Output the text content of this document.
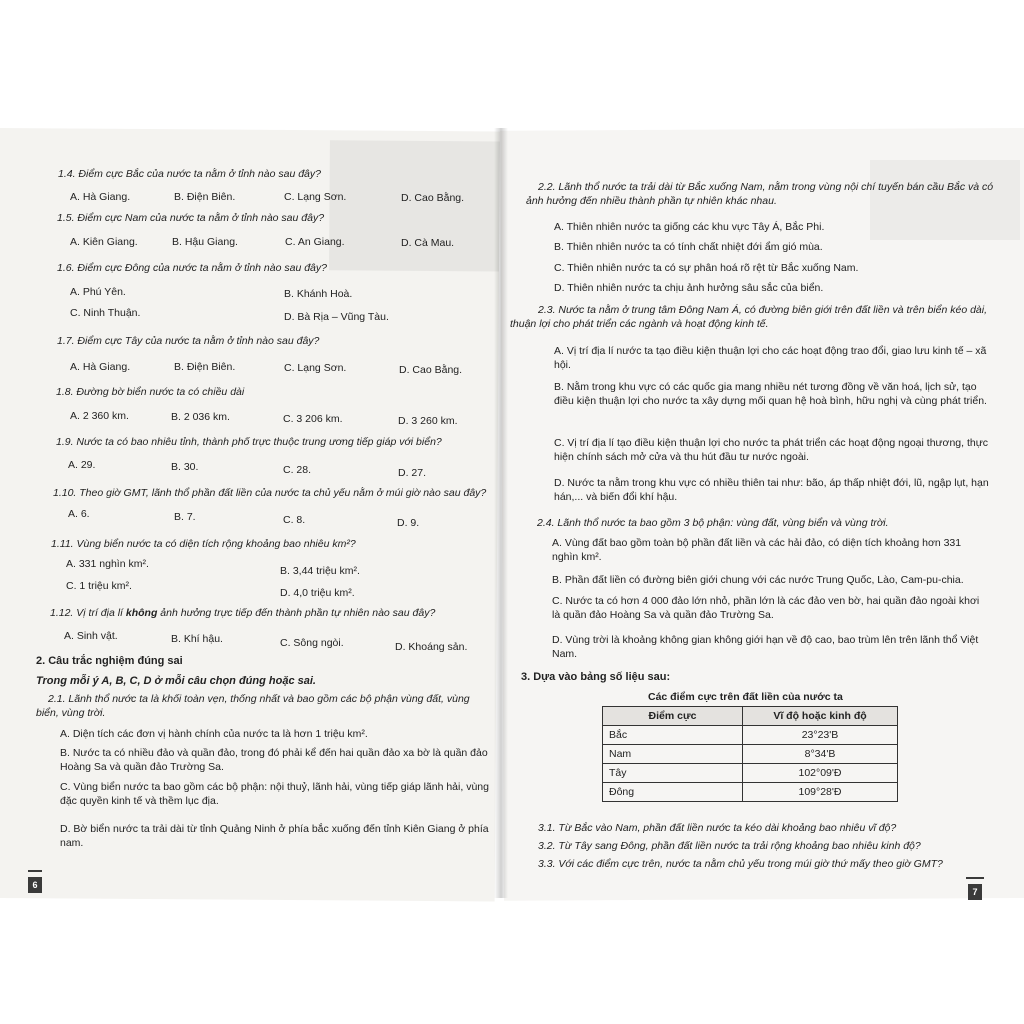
1.4. Điểm cực Bắc của nước ta nằm ở tỉnh nào sau đây?
A. Hà Giang.	B. Điện Biên.	C. Lạng Sơn.	D. Cao Bằng.
1.5. Điểm cực Nam của nước ta nằm ở tỉnh nào sau đây?
A. Kiên Giang.	B. Hậu Giang.	C. An Giang.	D. Cà Mau.
1.6. Điểm cực Đông của nước ta nằm ở tỉnh nào sau đây?
A. Phú Yên.	B. Khánh Hoà.
C. Ninh Thuận.	D. Bà Rịa – Vũng Tàu.
1.7. Điểm cực Tây của nước ta nằm ở tỉnh nào sau đây?
A. Hà Giang.	B. Điện Biên.	C. Lạng Sơn.	D. Cao Bằng.
1.8. Đường bờ biển nước ta có chiều dài
A. 2 360 km.	B. 2 036 km.	C. 3 206 km.	D. 3 260 km.
1.9. Nước ta có bao nhiêu tỉnh, thành phố trực thuộc trung ương tiếp giáp với biển?
A. 29.	B. 30.	C. 28.	D. 27.
1.10. Theo giờ GMT, lãnh thổ phần đất liền của nước ta chủ yếu nằm ở múi giờ nào sau đây?
A. 6.	B. 7.	C. 8.	D. 9.
1.11. Vùng biển nước ta có diện tích rộng khoảng bao nhiêu km²?
A. 331 nghìn km².
B. 3,44 triệu km².
C. 1 triệu km².
D. 4,0 triệu km².
1.12. Vị trí địa lí không ảnh hưởng trực tiếp đến thành phần tự nhiên nào sau đây?
A. Sinh vật.	B. Khí hậu.	C. Sông ngòi.	D. Khoáng sản.
2. Câu trắc nghiệm đúng sai
Trong mỗi ý A, B, C, D ở mỗi câu chọn đúng hoặc sai.
2.1. Lãnh thổ nước ta là khối toàn vẹn, thống nhất và bao gồm các bộ phận vùng đất, vùng biển, vùng trời.
A. Diện tích các đơn vị hành chính của nước ta là hơn 1 triệu km².
B. Nước ta có nhiều đảo và quần đảo, trong đó phải kể đến hai quần đảo xa bờ là quần đảo Hoàng Sa và quần đảo Trường Sa.
C. Vùng biển nước ta bao gồm các bộ phận: nội thuỷ, lãnh hải, vùng tiếp giáp lãnh hải, vùng đặc quyền kinh tế và thềm lục địa.
D. Bờ biển nước ta trải dài từ tỉnh Quảng Ninh ở phía bắc xuống đến tỉnh Kiên Giang ở phía nam.
6
2.2. Lãnh thổ nước ta trải dài từ Bắc xuống Nam, nằm trong vùng nội chí tuyến bán cầu Bắc và có ảnh hưởng đến nhiều thành phần tự nhiên khác nhau.
A. Thiên nhiên nước ta giống các khu vực Tây Á, Bắc Phi.
B. Thiên nhiên nước ta có tính chất nhiệt đới ẩm gió mùa.
C. Thiên nhiên nước ta có sự phân hoá rõ rệt từ Bắc xuống Nam.
D. Thiên nhiên nước ta chịu ảnh hưởng sâu sắc của biển.
2.3. Nước ta nằm ở trung tâm Đông Nam Á, có đường biên giới trên đất liền và trên biển kéo dài, thuận lợi cho phát triển các ngành và hoạt động kinh tế.
A. Vị trí địa lí nước ta tạo điều kiện thuận lợi cho các hoạt động trao đổi, giao lưu kinh tế – xã hội.
B. Nằm trong khu vực có các quốc gia mang nhiều nét tương đồng về văn hoá, lịch sử, tạo điều kiện thuận lợi cho nước ta xây dựng mối quan hệ hoà bình, hữu nghị và cùng phát triển.
C. Vị trí địa lí tạo điều kiện thuận lợi cho nước ta phát triển các hoạt động ngoại thương, thực hiện chính sách mở cửa và thu hút đầu tư nước ngoài.
D. Nước ta nằm trong khu vực có nhiều thiên tai như: bão, áp thấp nhiệt đới, lũ, ngập lụt, hạn hán,... và biến đổi khí hậu.
2.4. Lãnh thổ nước ta bao gồm 3 bộ phận: vùng đất, vùng biển và vùng trời.
A. Vùng đất bao gồm toàn bộ phần đất liền và các hải đảo, có diện tích khoảng hơn 331 nghìn km².
B. Phần đất liền có đường biên giới chung với các nước Trung Quốc, Lào, Cam-pu-chia.
C. Nước ta có hơn 4 000 đảo lớn nhỏ, phần lớn là các đảo ven bờ, hai quần đảo ngoài khơi là quần đảo Hoàng Sa và quần đảo Trường Sa.
D. Vùng trời là khoảng không gian không giới hạn về độ cao, bao trùm lên trên lãnh thổ Việt Nam.
3. Dựa vào bảng số liệu sau:
Các điểm cực trên đất liền của nước ta
Điểm cực	Vĩ độ hoặc kinh độ
Bắc	23°23'B
Nam	8°34'B
Tây	102°09'Đ
Đông	109°28'Đ
3.1. Từ Bắc vào Nam, phần đất liền nước ta kéo dài khoảng bao nhiêu vĩ độ?
3.2. Từ Tây sang Đông, phần đất liền nước ta trải rộng khoảng bao nhiêu kinh độ?
3.3. Với các điểm cực trên, nước ta nằm chủ yếu trong múi giờ thứ mấy theo giờ GMT?
7
